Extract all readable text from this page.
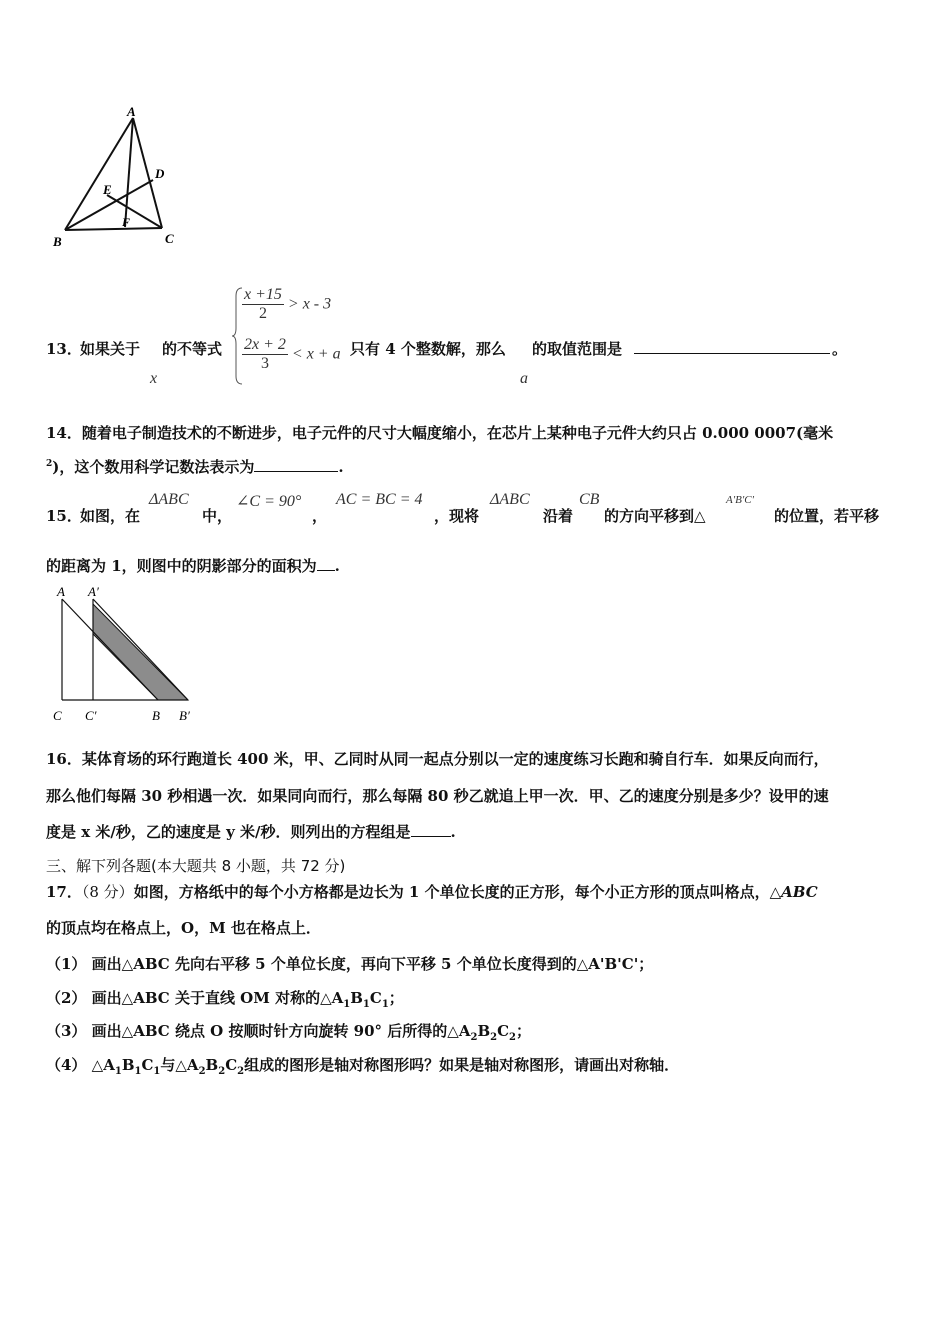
A
B	C
D
E
F
13．
如果关于
x
的不等式
$\frac{x +15}{2} > x - 3$
$\frac{2x + 2}{3} < x + a$ 只有 4 个整数解，那么
a
的取值范围是	。
14．随着电子制造技术的不断进步，电子元件的尺寸大幅度缩小，在芯片上某种电子元件大约只占 0.000 0007(毫米
$^2$)，这个数用科学记数法表示为	.
15．
如图，在
ΔABC
中，
∠C = 90°
，
AC = BC = 4
，现将
ΔABC
沿着
CB
的方向平移到△
A′B′C′
的位置，若平移
的距离为 1，则图中的阴影部分的面积为 .
A A′
C C′	B B′
16．某体育场的环行跑道长 400 米，甲、乙同时从同一起点分别以一定的速度练习长跑和骑自行车．如果反向而行，
那么他们每隔 30 秒相遇一次．如果同向而行，那么每隔 80 秒乙就追上甲一次．甲、乙的速度分别是多少？设甲的速
度是 x 米/秒，乙的速度是 y 米/秒．则列出的方程组是	.
三、解下列各题(本大题共 8 小题，共 72 分)
17．（8 分）如图，方格纸中的每个小方格都是边长为 1 个单位长度的正方形，每个小正方形的顶点叫格点，△ABC
的顶点均在格点上，O，M 也在格点上．
（1） 画出△ABC 先向右平移 5 个单位长度，再向下平移 5 个单位长度得到的△A'B'C'；
（2） 画出△ABC 关于直线 OM 对称的$\triangle A_1B_1C_1$；
（3） 画出△ABC 绕点 O 按顺时针方向旋转 90° 后所得的$\triangle A_2B_2C_2$；
（4） $\triangle A_1B_1C_1$与$\triangle A_2B_2C_2$组成的图形是轴对称图形吗？如果是轴对称图形，请画出对称轴．
